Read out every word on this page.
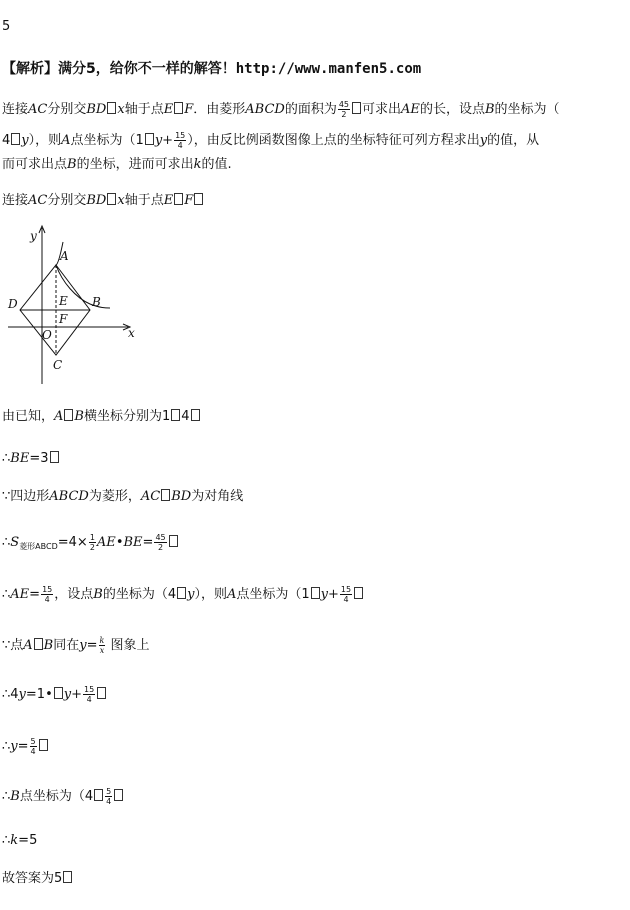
5
【解析】满分5，给你不一样的解答！http://www.manfen5.com
连接AC分别交BD x轴于点E F．由菱形ABCD的面积为 $\frac{45}{2}$ 可求出AE的长，设点B的坐标为（
4 y），则A点坐标为（1 $y+ \frac{15}{4}$ ），由反比例函数图像上点的坐标特征可列方程求出y的值，从
而可求出点B的坐标，进而可求出k的值.
连接AC分别交BD x轴于点E F
y
x
A
B
C
D	E
F
O
由已知，A B横坐标分别为1 4
∴BE=3
∵四边形ABCD为菱形，AC BD为对角线
$\therefore S_{菱形ABCD}=4\times \frac{1}{2}$ AE•BE= $\frac{45}{2}$
∴AE= $\frac{15}{4}$ ，设点B的坐标为（4 y），则A点坐标为（1 $y+ \frac{15}{4}$
∵点A B同在$y= \frac{k}{x}$ 图象上
∴4y=1• $y+ \frac{15}{4}$
∴y= $\frac{5}{4}$
∴B点坐标为（$4 \frac{5}{4}$
∴k=5
故答案为5
